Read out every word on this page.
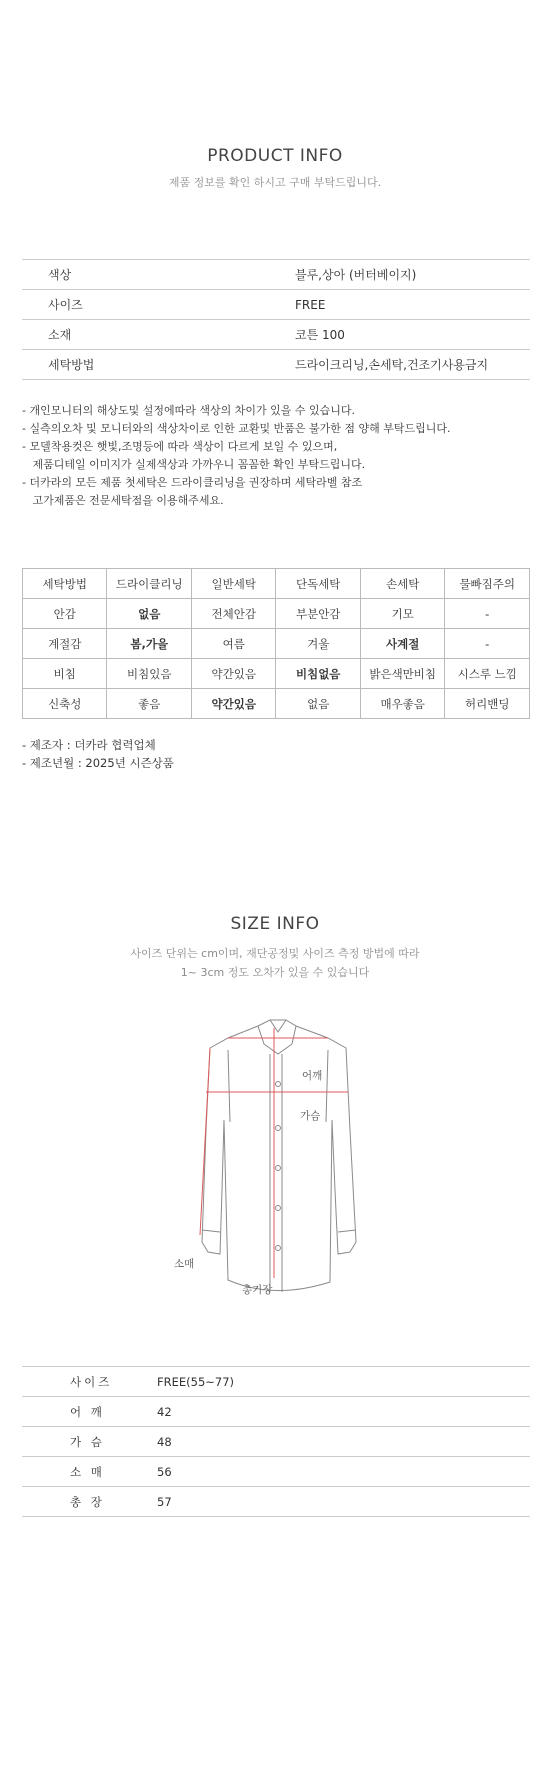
PRODUCT INFO
제품 정보를 확인 하시고 구매 부탁드립니다.
색상	블루,상아 (버터베이지)
사이즈	FREE
소재	코튼 100
세탁방법	드라이크리닝,손세탁,건조기사용금지
- 개인모니터의 해상도및 설정에따라 색상의 차이가 있을 수 있습니다.
- 실측의오차 및 모니터와의 색상차이로 인한 교환및 반품은 불가한 점 양해 부탁드립니다.
- 모델착용컷은 햇빛,조명등에 따라 색상이 다르게 보일 수 있으며,
제품디테일 이미지가 실제색상과 가까우니 꼼꼼한 확인 부탁드립니다.
- 더카라의 모든 제품 첫세탁은 드라이클리닝을 권장하며 세탁라벨 참조
고가제품은 전문세탁점을 이용해주세요.
세탁방법	드라이클리닝	일반세탁	단독세탁	손세탁	물빠짐주의
안감	없음	전체안감	부분안감	기모	-
계절감	봄,가을	여름	겨울	사계절	-
비침	비침있음	약간있음	비침없음	밝은색만비침	시스루 느낌
신축성	좋음	약간있음	없음	매우좋음	허리밴딩
- 제조자 : 더카라 협력업체
- 제조년월 : 2025년 시즌상품
SIZE INFO
사이즈 단위는 cm이며, 재단공정및 사이즈 측정 방법에 따라
1~ 3cm 정도 오차가 있을 수 있습니다
어깨
가슴
소매
총기장
사이즈	FREE(55~77)
어 깨	42
가 슴	48
소 매	56
총 장	57
